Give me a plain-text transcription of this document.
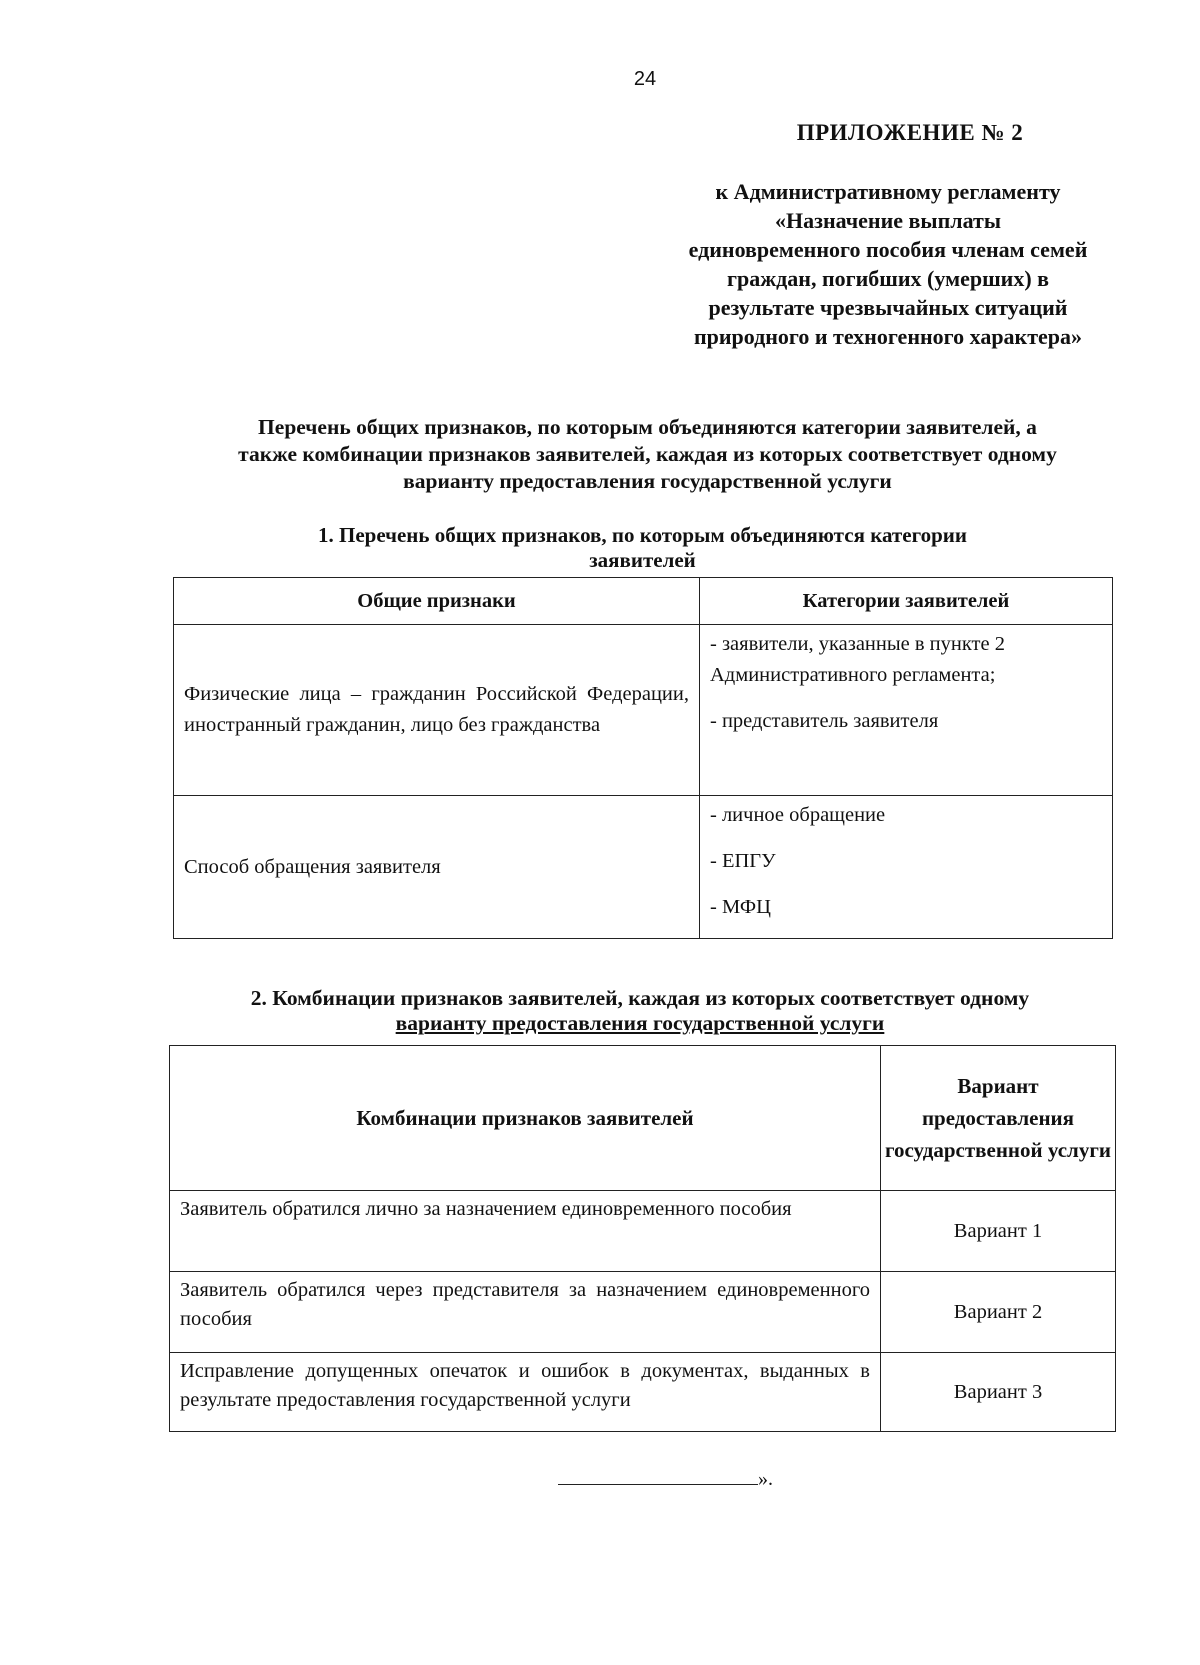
24
ПРИЛОЖЕНИЕ № 2
к Административному регламенту
«Назначение выплаты
единовременного пособия членам семей
граждан, погибших (умерших) в
результате чрезвычайных ситуаций
природного и техногенного характера»
Перечень общих признаков, по которым объединяются категории заявителей, а
также комбинации признаков заявителей, каждая из которых соответствует одному
варианту предоставления государственной услуги
1. Перечень общих признаков, по которым объединяются категории
заявителей
Общие признаки	Категории заявителей
Физические лица – гражданин Российской Федерации, иностранный гражданин, лицо без гражданства	- заявители, указанные в пункте 2 Административного регламента;
- представитель заявителя

Способ обращения заявителя	- личное обращение
- ЕПГУ
- МФЦ
2. Комбинации признаков заявителей, каждая из которых соответствует одному
варианту предоставления государственной услуги
Комбинации признаков заявителей	Вариант предоставления государственной услуги
Заявитель обратился лично за назначением единовременного пособия	Вариант 1
Заявитель обратился через представителя за назначением единовременного пособия	Вариант 2
Исправление допущенных опечаток и ошибок в документах, выданных в результате предоставления государственной услуги	Вариант 3
».
